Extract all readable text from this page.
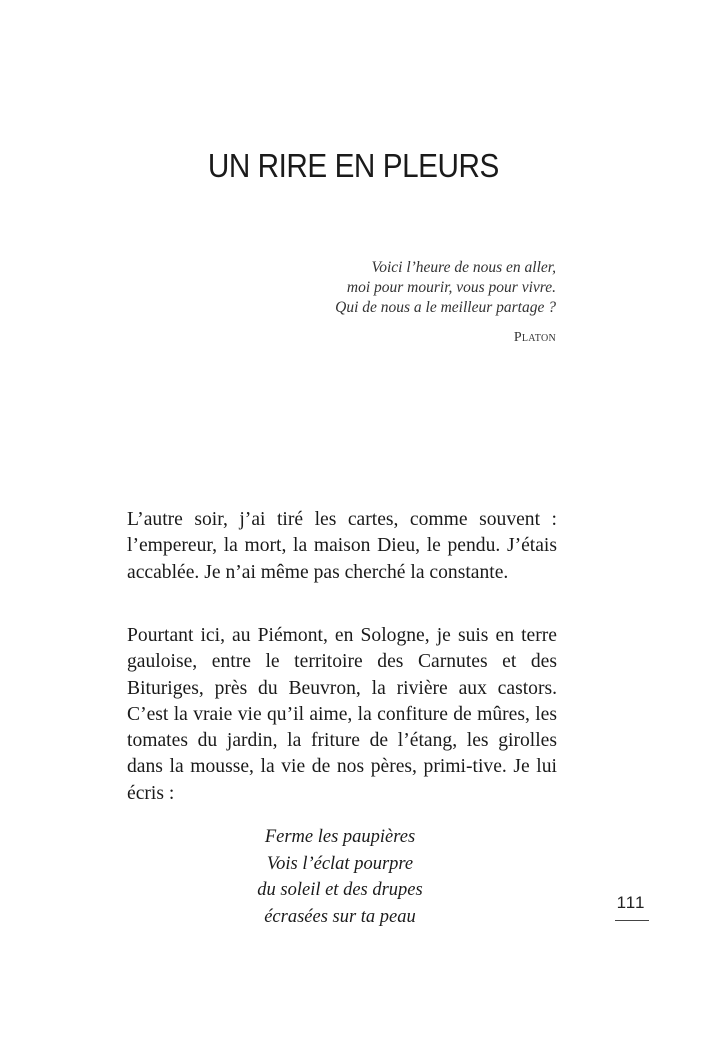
UN RIRE EN PLEURS
Voici l’heure de nous en aller,
moi pour mourir, vous pour vivre.
Qui de nous a le meilleur partage ?
Platon

L’autre soir, j’ai tiré les cartes, comme souvent : l’empereur, la mort, la maison Dieu, le pendu. J’étais accablée. Je n’ai même pas cherché la constante.

Pourtant ici, au Piémont, en Sologne, je suis en terre gauloise, entre le territoire des Carnutes et des Bituriges, près du Beuvron, la rivière aux castors. C’est la vraie vie qu’il aime, la confiture de mûres, les tomates du jardin, la friture de l’étang, les girolles dans la mousse, la vie de nos pères, primi-tive. Je lui écris :

Ferme les paupières
Vois l’éclat pourpre
du soleil et des drupes
écrasées sur ta peau
111
